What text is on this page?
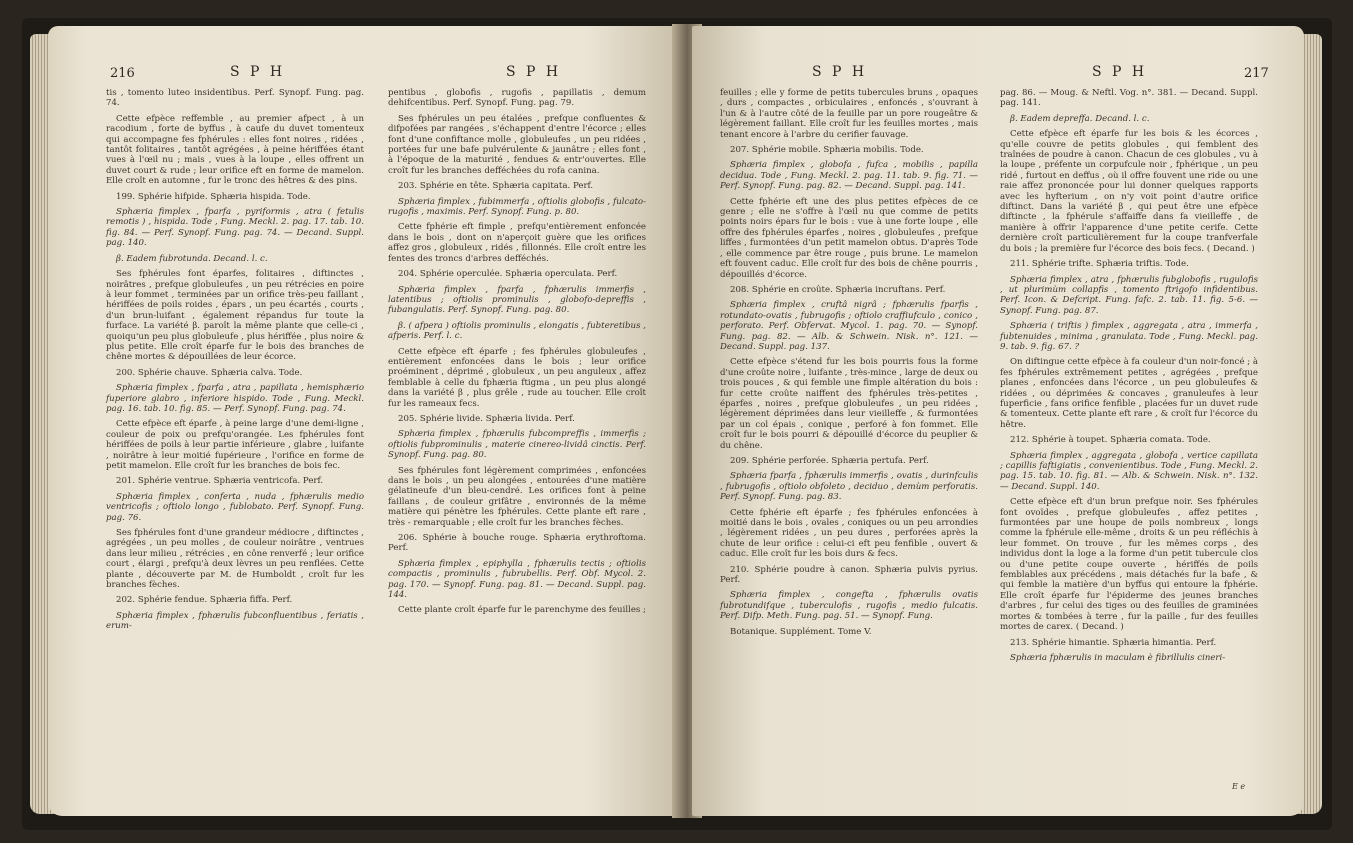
216	S P H	S P H

tis , tomento luteo insidentibus. Perf. Synopf. Fung. pag. 74.

Cette efpèce reffemble , au premier afpect , à un racodium , forte de byffus , à caufe du duvet tomenteux qui accompagne fes fphérules : elles font noires , ridées , tantôt folitaires , tantôt agrégées , à peine hériffées étant vues à l'œil nu ; mais , vues à la loupe , elles offrent un duvet court & rude ; leur orifice eft en forme de mamelon. Elle croît en automne , fur le tronc des hêtres & des pins.

199. Sphérie hifpide. Sphæria hispida. Tode.

Sphæria fimplex , fparfa , pyriformis , atra ( fetulis remotis ) , hispida. Tode , Fung. Meckl. 2. pag. 17. tab. 10. fig. 84. — Perf. Synopf. Fung. pag. 74. — Decand. Suppl. pag. 140.

β. Eadem fubrotunda. Decand. l. c.

Ses fphérules font éparfes, folitaires , diftinctes , noirâtres , prefque globuleufes , un peu rétrécies en poire à leur fommet , terminées par un orifice très-peu faillant , hériffées de poils roides , épars , un peu écartés , courts , d'un brun-luifant , également répandus fur toute la furface. La variété β. paroît la même plante que celle-ci , quoiqu'un peu plus globuleufe , plus hériffée , plus noire & plus petite. Elle croît éparfe fur le bois des branches de chêne mortes & dépouillées de leur écorce.

200. Sphérie chauve. Sphæria calva. Tode.

Sphæria fimplex , fparfa , atra , papillata , hemisphærio fuperiore glabro , inferiore hispido. Tode , Fung. Meckl. pag. 16. tab. 10. fig. 85. — Perf. Synopf. Fung. pag. 74.

Cette efpèce eft éparfe , à peine large d'une demi-ligne , couleur de poix ou prefqu'orangée. Les fphérules font hériffées de poils à leur partie inférieure , glabre , luifante , noirâtre à leur moitié fupérieure , l'orifice en forme de petit mamelon. Elle croît fur les branches de bois fec.

201. Sphérie ventrue. Sphæria ventricofa. Perf.

Sphæria fimplex , conferta , nuda , fphærulis medio ventricofis ; oftiolo longo , fublobato. Perf. Synopf. Fung. pag. 76.

Ses fphérules font d'une grandeur médiocre , diftinctes , agrégées , un peu molles , de couleur noirâtre , ventrues dans leur milieu , rétrécies , en cône renverfé ; leur orifice court , élargi , prefqu'à deux lèvres un peu renflées. Cette plante , découverte par M. de Humboldt , croît fur les branches fèches.

202. Sphérie fendue. Sphæria fiffa. Perf.

Sphæria fimplex , fphærulis fubconfluentibus , feriatis , erum-

pentibus , globofis , rugofis , papillatis , demum dehifcentibus. Perf. Synopf. Fung. pag. 79.

Ses fphérules un peu étalées , prefque confluentes & difpofées par rangées , s'échappent d'entre l'écorce ; elles font d'une confiftance molle , globuleufes , un peu ridées , portées fur une bafe pulvérulente & jaunâtre ; elles font , à l'époque de la maturité , fendues & entr'ouvertes. Elle croît fur les branches defféchées du rofa canina.

203. Sphérie en tête. Sphæria capitata. Perf.

Sphæria fimplex , fubimmerfa , oftiolis globofis , fulcato-rugofis , maximis. Perf. Synopf. Fung. p. 80.

Cette fphérie eft fimple , prefqu'entièrement enfoncée dans le bois , dont on n'aperçoit guère que les orifices affez gros , globuleux , ridés , fillonnés. Elle croît entre les fentes des troncs d'arbres defféchés.

204. Sphérie operculée. Sphæria operculata. Perf.

Sphæria fimplex , fparfa , fphærulis immerfis , latentibus ; oftiolis prominulis , globofo-depreffis , fubangulatis. Perf. Synopf. Fung. pag. 80.

β. ( afpera ) oftiolis prominulis , elongatis , fubteretibus , afperis. Perf. l. c.

Cette efpèce eft éparfe ; fes fphérules globuleufes , entièrement enfoncées dans le bois ; leur orifice proéminent , déprimé , globuleux , un peu anguleux , affez femblable à celle du fphæria ftigma , un peu plus alongé dans la variété β , plus grêle , rude au toucher. Elle croît fur les rameaux fecs.

205. Sphérie livide. Sphæria livida. Perf.

Sphæria fimplex , fphærulis fubcompreffis , immerfis ; oftiolis fubprominulis , materie cinereo-lividâ cinctis. Perf. Synopf. Fung. pag. 80.

Ses fphérules font légèrement comprimées , enfoncées dans le bois , un peu alongées , entourées d'une matière gélatineufe d'un bleu-cendré. Les orifices font à peine faillans , de couleur grifâtre , environnés de la même matière qui pénètre les fphérules. Cette plante eft rare , très - remarquable ; elle croît fur les branches fèches.

206. Sphérie à bouche rouge. Sphæria erythroftoma. Perf.

Sphæria fimplex , epiphylla , fphærulis tectis ; oftiolis compactis , prominulis , fubrubellis. Perf. Obf. Mycol. 2. pag. 170. — Synopf. Fung. pag. 81. — Decand. Suppl. pag. 144.

Cette plante croît éparfe fur le parenchyme des feuilles ;

S P H	S P H	217

feuilles ; elle y forme de petits tubercules bruns , opaques , durs , compactes , orbiculaires , enfoncés , s'ouvrant à l'un & à l'autre côté de la feuille par un pore rougeâtre & légèrement faillant. Elle croît fur les feuilles mortes , mais tenant encore à l'arbre du cerifier fauvage.

207. Sphérie mobile. Sphæria mobilis. Tode.

Sphæria fimplex , globofa , fufca , mobilis , papilla decidua. Tode , Fung. Meckl. 2. pag. 11. tab. 9. fig. 71. — Perf. Synopf. Fung. pag. 82. — Decand. Suppl. pag. 141.

Cette fphérie eft une des plus petites efpèces de ce genre ; elle ne s'offre à l'œil nu que comme de petits points noirs épars fur le bois : vue à une forte loupe , elle offre des fphérules éparfes , noires , globuleufes , prefque liffes , furmontées d'un petit mamelon obtus. D'après Tode , elle commence par être rouge , puis brune. Le mamelon eft fouvent caduc. Elle croît fur des bois de chêne pourris , dépouillés d'écorce.

208. Sphérie en croûte. Sphæria incruftans. Perf.

Sphæria fimplex , cruftâ nigrâ ; fphærulis fparfis , rotundato-ovatis , fubrugofis ; oftiolo craffiufculo , conico , perforato. Perf. Obfervat. Mycol. 1. pag. 70. — Synopf. Fung. pag. 82. — Alb. & Schwein. Nisk. n°. 121. — Decand. Suppl. pag. 137.

Cette efpèce s'étend fur les bois pourris fous la forme d'une croûte noire , luifante , très-mince , large de deux ou trois pouces , & qui femble une fimple altération du bois : fur cette croûte naiffent des fphérules très-petites , éparfes , noires , prefque globuleufes , un peu ridées , légèrement déprimées dans leur vieilleffe , & furmontées par un col épais , conique , perforé à fon fommet. Elle croît fur le bois pourri & dépouillé d'écorce du peuplier & du chêne.

209. Sphérie perforée. Sphæria pertufa. Perf.

Sphæria fparfa , fphærulis immerfis , ovatis , durinfculis , fubrugofis , oftiolo obfoleto , deciduo , demùm perforatis. Perf. Synopf. Fung. pag. 83.

Cette fphérie eft éparfe ; fes fphérules enfoncées à moitié dans le bois , ovales , coniques ou un peu arrondies , légèrement ridées , un peu dures , perforées après la chute de leur orifice : celui-ci eft peu fenfible , ouvert & caduc. Elle croît fur les bois durs & fecs.

210. Sphérie poudre à canon. Sphæria pulvis pyrius. Perf.

Sphæria fimplex , congefta , fphærulis ovatis fubrotundifque , tuberculofis , rugofis , medio fulcatis. Perf. Difp. Meth. Fung. pag. 51. — Synopf. Fung.

Botanique. Supplément. Tome V.

pag. 86. — Moug. & Neftl. Vog. n°. 381. — Decand. Suppl. pag. 141.

β. Eadem depreffa. Decand. l. c.

Cette efpèce eft éparfe fur les bois & les écorces , qu'elle couvre de petits globules , qui femblent des traînées de poudre à canon. Chacun de ces globules , vu à la loupe , préfente un corpufcule noir , fphérique , un peu ridé , furtout en deffus , où il offre fouvent une ride ou une raie affez prononcée pour lui donner quelques rapports avec les hyfterium , on n'y voit point d'autre orifice diftinct. Dans la variété β , qui peut être une efpèce diftincte , la fphérule s'affaiffe dans fa vieilleffe , de manière à offrir l'apparence d'une petite cerife. Cette dernière croît particulièrement fur la coupe tranfverfale du bois ; la première fur l'écorce des bois fecs. ( Decand. )

211. Sphérie trifte. Sphæria triftis. Tode.

Sphæria fimplex , atra , fphærulis fubglobofis , rugulofis , ut plurimùm collapfis , tomento ftrigofo infidentibus. Perf. Icon. & Defcript. Fung. fafc. 2. tab. 11. fig. 5-6. — Synopf. Fung. pag. 87.

Sphæria ( triftis ) fimplex , aggregata , atra , immerfa , fubtenuides , minima , granulata. Tode , Fung. Meckl. pag. 9. tab. 9. fig. 67. ?

On diftingue cette efpèce à fa couleur d'un noir-foncé ; à fes fphérules extrêmement petites , agrégées , prefque planes , enfoncées dans l'écorce , un peu globuleufes & ridées , ou déprimées & concaves , granuleufes à leur fuperficie , fans orifice fenfible , placées fur un duvet rude & tomenteux. Cette plante eft rare , & croît fur l'écorce du hêtre.

212. Sphérie à toupet. Sphæria comata. Tode.

Sphæria fimplex , aggregata , globofa , vertice capillata ; capillis faftigiatis , convenientibus. Tode , Fung. Meckl. 2. pag. 15. tab. 10. fig. 81. — Alb. & Schwein. Nisk. n°. 132. — Decand. Suppl. 140.

Cette efpèce eft d'un brun prefque noir. Ses fphérules font ovoïdes , prefque globuleufes , affez petites , furmontées par une houpe de poils nombreux , longs comme la fphérule elle-même , droits & un peu réfléchis à leur fommet. On trouve , fur les mêmes corps , des individus dont la loge a la forme d'un petit tubercule clos ou d'une petite coupe ouverte , hériffés de poils femblables aux précédens , mais détachés fur la bafe , & qui femble la matière d'un byffus qui entoure la fphérie. Elle croît éparfe fur l'épiderme des jeunes branches d'arbres , fur celui des tiges ou des feuilles de graminées mortes & tombées à terre , fur la paille , fur des feuilles mortes de carex. ( Decand. )

213. Sphérie himantie. Sphæria himantia. Perf.

Sphæria fphærulis in maculam è fibrillulis cineri-

E e
